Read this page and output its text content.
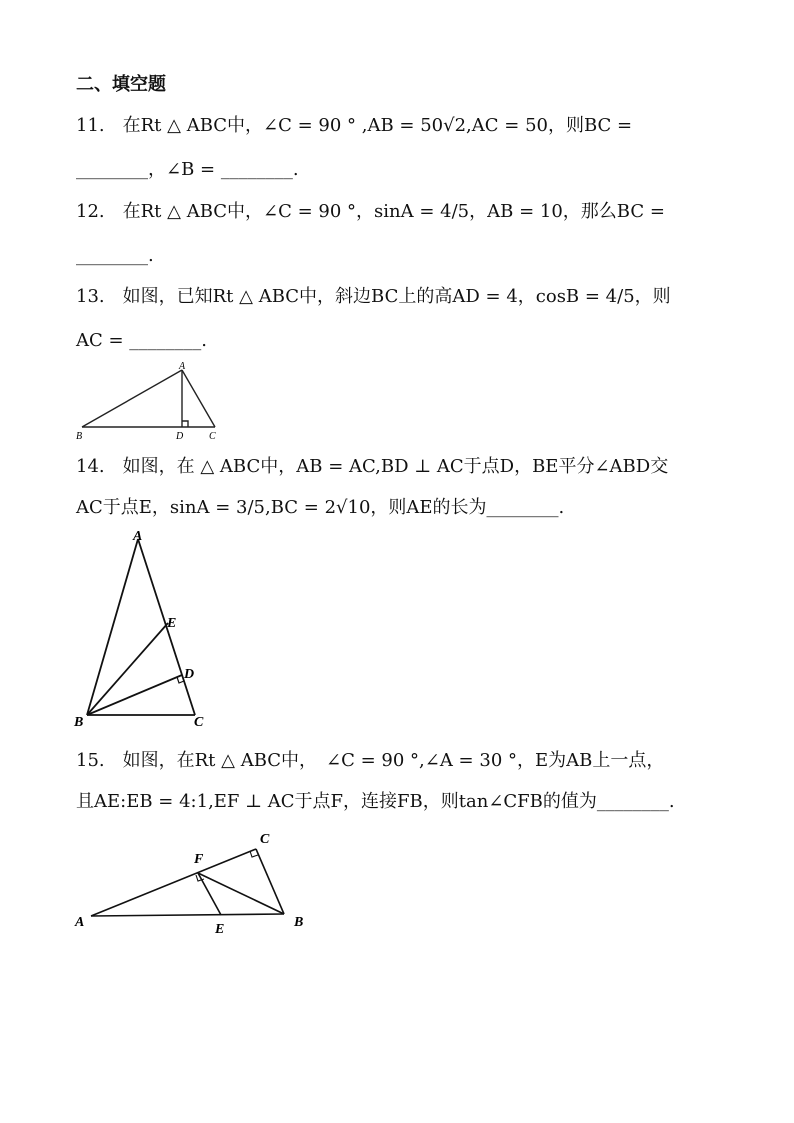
二、填空题
11.　在Rt △ ABC中，∠C = 90 ° ,AB = 50√2,AC = 50，则BC =
________，∠B = ________.
12.　在Rt △ ABC中，∠C = 90 °，sinA = 4/5，AB = 10，那么BC =
________.
13.　如图，已知Rt △ ABC中，斜边BC上的高AD = 4，cosB = 4/5，则
AC = ________.
A
B	D	C
14.　如图，在 △ ABC中，AB = AC,BD ⊥ AC于点D，BE平分∠ABD交
AC于点E，sinA = 3/5,BC = 2√10，则AE的长为________.
A
E
D
B	C
15.　如图，在Rt △ ABC中，　∠C = 90 °,∠A = 30 °，E为AB上一点，
且AE:EB = 4:1,EF ⊥ AC于点F，连接FB，则tan∠CFB的值为________.
A
C
F
E	B
